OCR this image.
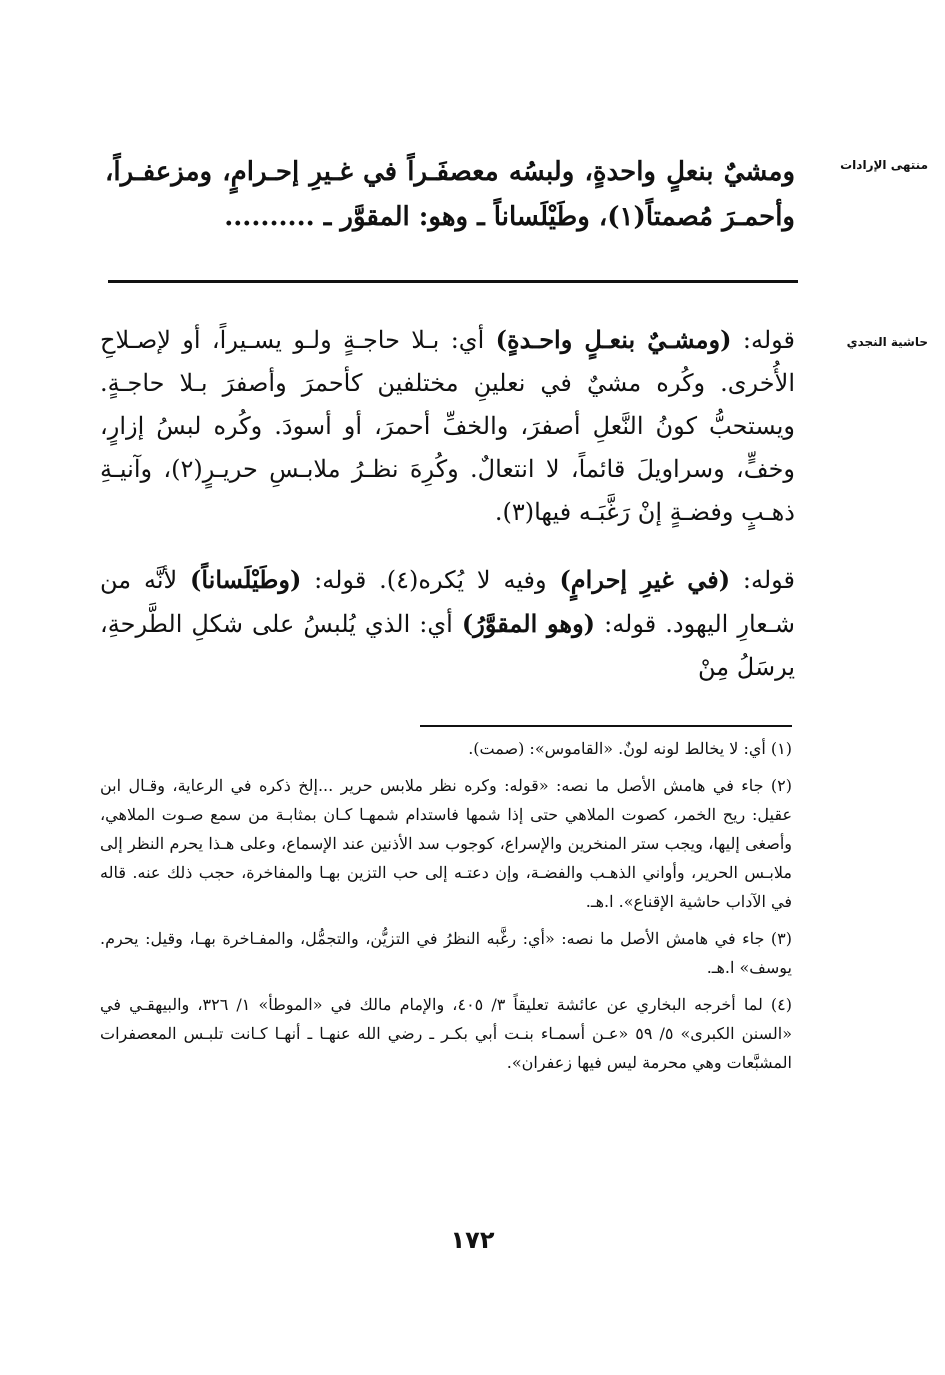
منتهى الإرادات
ومشيٌ بنعلٍ واحدةٍ، ولبسُه معصفَـراً في غـيرِ إحـرامٍ، ومزعفـراً، وأحمـرَ مُصمتاً(١)، وطَيْلَساناً ـ وهو: المقوَّر ـ ..........
حاشية النجدي

قوله: (ومشـيٌ بنعـلٍ واحـدةٍ) أي: بـلا حاجـةٍ ولـو يسـيراً، أو لإصـلاحِ الأُخرى. وكُره مشيٌ في نعلينِ مختلفين كأحمرَ وأصفرَ بـلا حاجـةٍ. ويستحبُّ كونُ النَّعلِ أصفرَ، والخفِّ أحمرَ، أو أسودَ. وكُره لبسُ إزارٍ، وخفٍّ، وسراويلَ قائماً، لا انتعالٌ. وكُرِهَ نظـرُ ملابـسِ حريـرٍ(٢)، وآنيـةِ ذهـبٍ وفضـةٍ إنْ رَغَّبَـه فيها(٣).

قوله: (في غيرِ إحرامٍ) وفيه لا يُكره(٤). قوله: (وطَيْلَساناً) لأنَّه من شـعارِ اليهود. قوله: (وهو المقوَّرُ) أي: الذي يُلبسُ على شكلِ الطَّرحةِ، يرسَلُ مِنْ

(١) أي: لا يخالط لونه لونٌ. «القاموس»: (صمت).

(٢) جاء في هامش الأصل ما نصه: «قوله: وكره نظر ملابس حرير ...إلخ ذكره في الرعاية، وقـال ابن عقيل: ريح الخمر، كصوت الملاهي حتى إذا شمها فاستدام شمهـا كـان بمثابـة من سمع صـوت الملاهي، وأصغى إليها، ويجب ستر المنخرين والإسراع، كوجوب سد الأذنين عند الإسماع، وعلى هـذا يحرم النظر إلى ملابـس الحرير، وأواني الذهـب والفضـة، وإن دعتـه إلى حب التزين بهـا والمفاخرة، حجب ذلك عنه. قاله في الآداب حاشية الإقناع». ا.هـ.

(٣) جاء في هامش الأصل ما نصه: «أي: رغَّبه النظرُ في التزيُّن، والتجمُّل، والمفـاخرة بهـا، وقيل: يحرم. يوسف» ا.هـ.

(٤) لما أخرجه البخاري عن عائشة تعليقاً ٣/ ٤٠٥، والإمام مالك في «الموطأ» ١/ ٣٢٦، والبيهقـي في «السنن الكبرى» ٥/ ٥٩ «عـن أسمـاء بنـت أبي بكـر ـ رضي الله عنهـا ـ أنهـا كـانت تلبـس المعصفرات المشبَّعات وهي محرمة ليس فيها زعفران».

١٧٢
